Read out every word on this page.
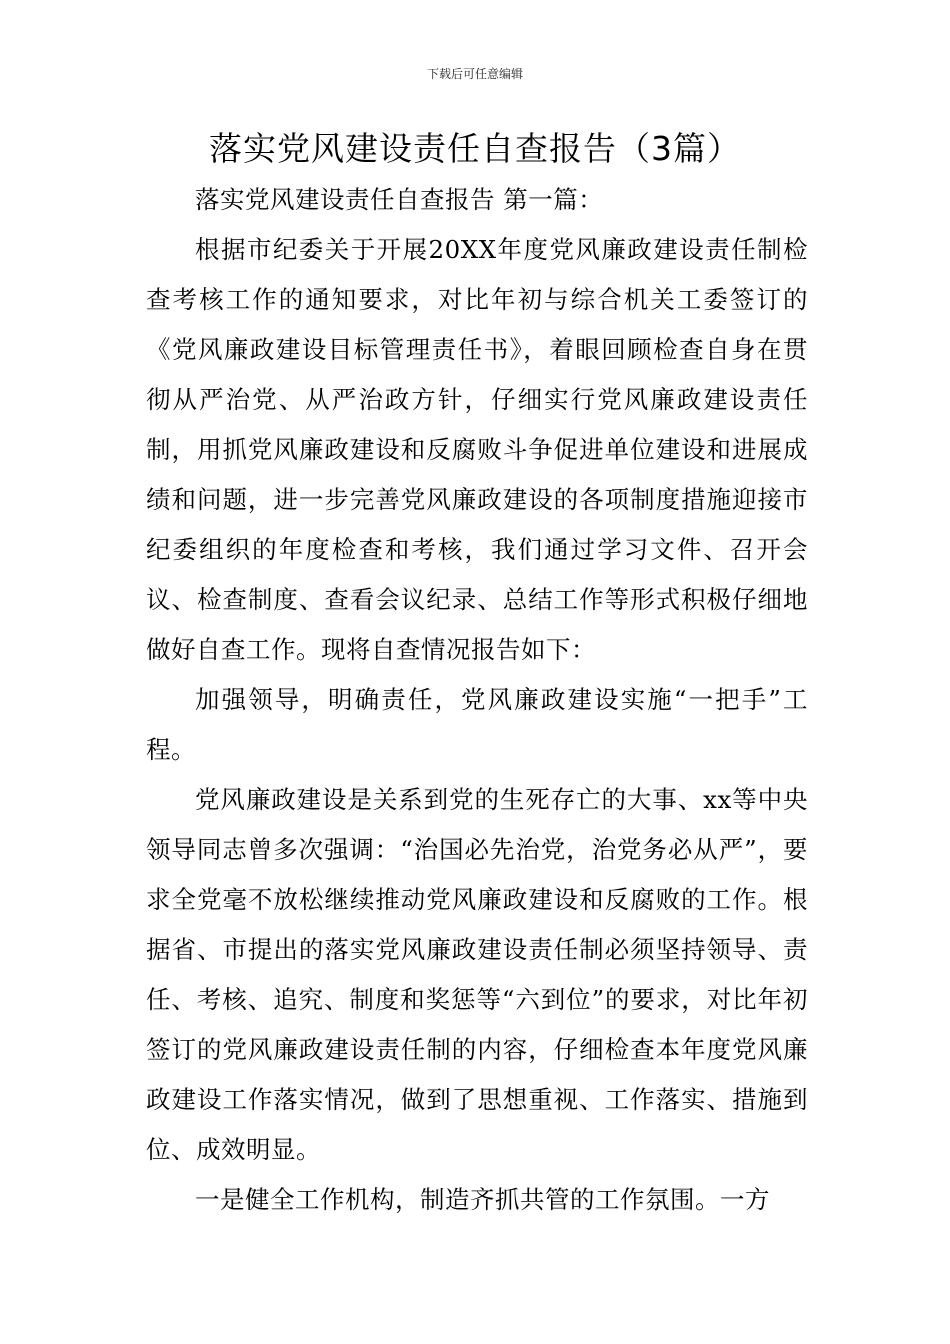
下载后可任意编辑
落实党风建设责任自查报告（3篇）

落实党风建设责任自查报告 第一篇：

根据市纪委关于开展20XX年度党风廉政建设责任制检查考核工作的通知要求，对比年初与综合机关工委签订的《党风廉政建设目标管理责任书》，着眼回顾检查自身在贯彻从严治党、从严治政方针，仔细实行党风廉政建设责任制，用抓党风廉政建设和反腐败斗争促进单位建设和进展成绩和问题，进一步完善党风廉政建设的各项制度措施迎接市纪委组织的年度检查和考核，我们通过学习文件、召开会议、检查制度、查看会议纪录、总结工作等形式积极仔细地做好自查工作。现将自查情况报告如下：

加强领导，明确责任，党风廉政建设实施“一把手”工程。

党风廉政建设是关系到党的生死存亡的大事、xx等中央领导同志曾多次强调：“治国必先治党，治党务必从严”，要求全党毫不放松继续推动党风廉政建设和反腐败的工作。根据省、市提出的落实党风廉政建设责任制必须坚持领导、责任、考核、追究、制度和奖惩等“六到位”的要求，对比年初签订的党风廉政建设责任制的内容，仔细检查本年度党风廉政建设工作落实情况，做到了思想重视、工作落实、措施到位、成效明显。

一是健全工作机构，制造齐抓共管的工作氛围。一方
